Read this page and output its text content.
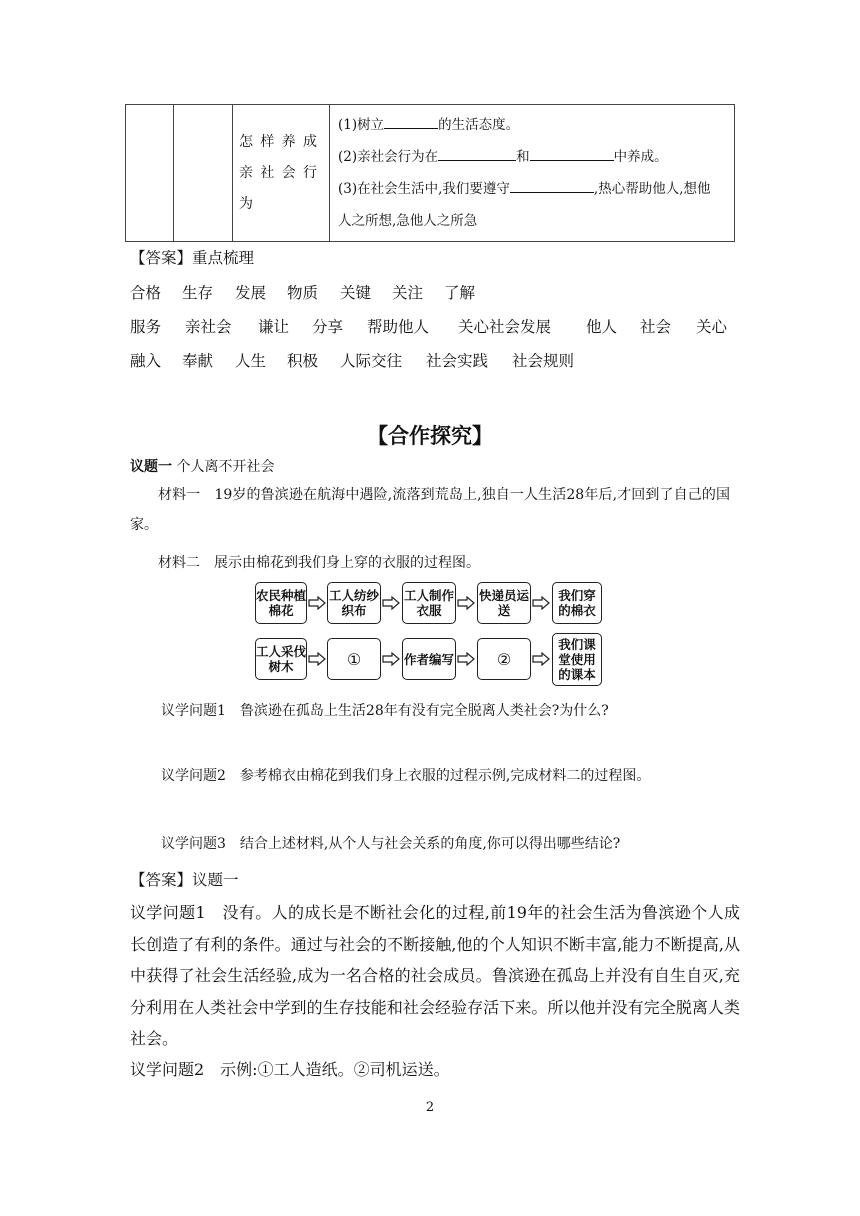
		怎样养成亲社会行为	
(1)树立	的生活态度。
(2)亲社会行为在	和	中养成。
(3)在社会生活中,我们要遵守	,热心帮助他人,想他
人之所想,急他人之所急
【答案】重点梳理
合格 生存 发展 物质 关键 关注 了解
服务 亲社会 谦让 分享 帮助他人 关心社会发展 他人 社会 关心
融入 奉献 人生 积极 人际交往 社会实践 社会规则
【合作探究】
议题一 个人离不开社会
材料一　19岁的鲁滨逊在航海中遇险,流落到荒岛上,独自一人生活28年后,才回到了自己的国家。
材料二　展示由棉花到我们身上穿的衣服的过程图。
农民种植棉花
工人纺纱织布
工人制作衣服
快递员运送
我们穿的棉衣
工人采伐树木	①	作者编写	②
我们课堂使用的课本
议学问题1　鲁滨逊在孤岛上生活28年有没有完全脱离人类社会?为什么?
议学问题2　参考棉衣由棉花到我们身上衣服的过程示例,完成材料二的过程图。
议学问题3　结合上述材料,从个人与社会关系的角度,你可以得出哪些结论?
【答案】议题一
议学问题1　没有。人的成长是不断社会化的过程,前19年的社会生活为鲁滨逊个人成长创造了有利的条件。通过与社会的不断接触,他的个人知识不断丰富,能力不断提高,从中获得了社会生活经验,成为一名合格的社会成员。鲁滨逊在孤岛上并没有自生自灭,充分利用在人类社会中学到的生存技能和社会经验存活下来。所以他并没有完全脱离人类社会。
议学问题2　示例:①工人造纸。②司机运送。
2
